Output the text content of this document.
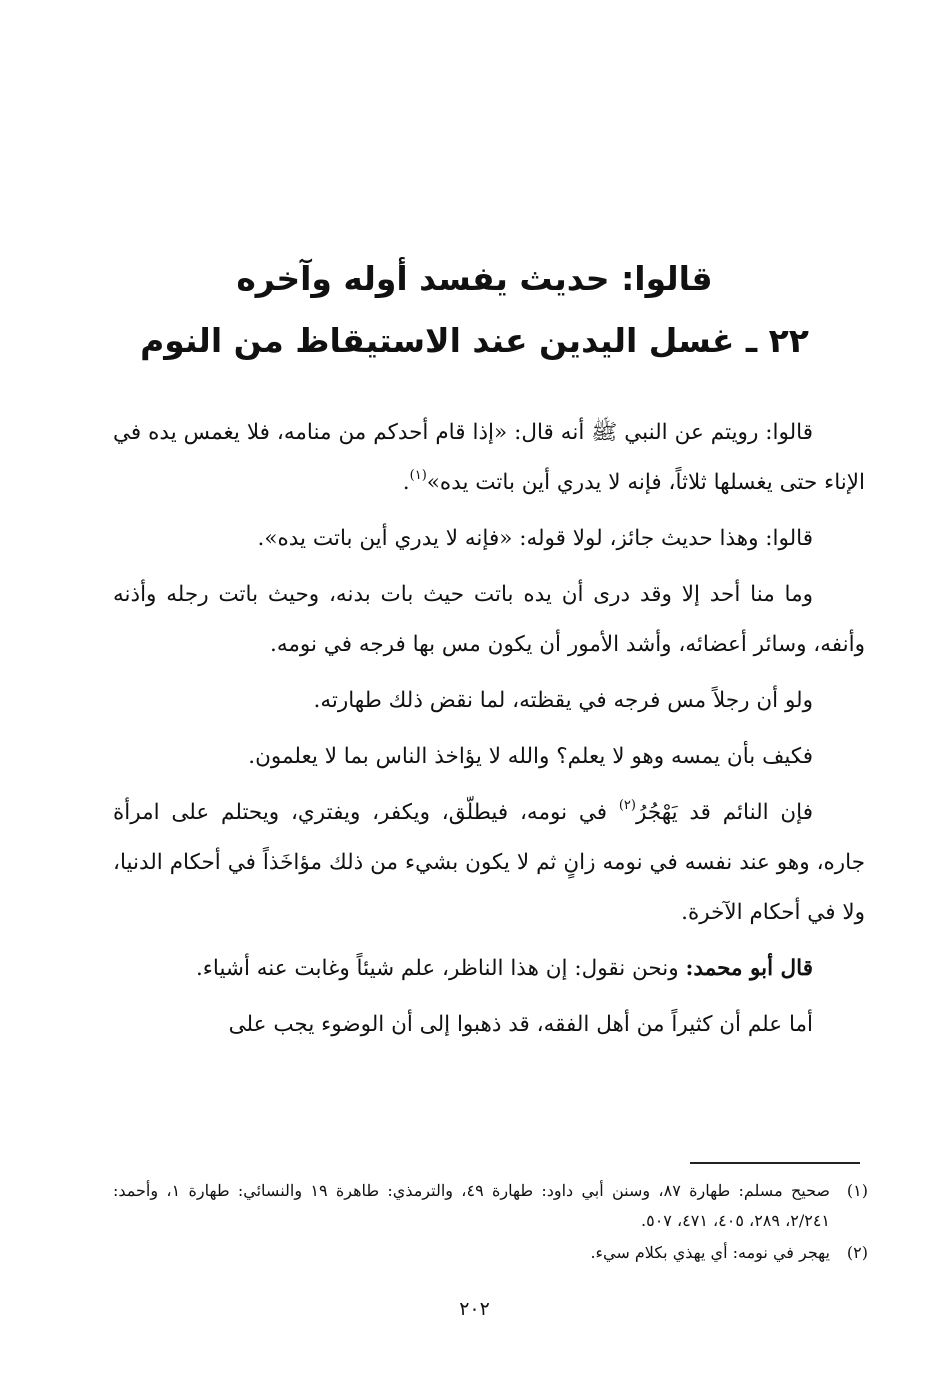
قالوا: حديث يفسد أوله وآخره
٢٢ ـ غسل اليدين عند الاستيقاظ من النوم

قالوا: رويتم عن النبي ﷺ أنه قال: «إذا قام أحدكم من منامه، فلا يغمس يده في الإناء حتى يغسلها ثلاثاً، فإنه لا يدري أين باتت يده»$^{(١)}$.

قالوا: وهذا حديث جائز، لولا قوله: «فإنه لا يدري أين باتت يده».

وما منا أحد إلا وقد درى أن يده باتت حيث بات بدنه، وحيث باتت رجله وأذنه وأنفه، وسائر أعضائه، وأشد الأمور أن يكون مس بها فرجه في نومه.

ولو أن رجلاً مس فرجه في يقظته، لما نقض ذلك طهارته.

فكيف بأن يمسه وهو لا يعلم؟ والله لا يؤاخذ الناس بما لا يعلمون.

فإن النائم قد يَهْجُرُ$^{(٢)}$ في نومه، فيطلّق، ويكفر، ويفتري، ويحتلم على امرأة جاره، وهو عند نفسه في نومه زانٍ ثم لا يكون بشيء من ذلك مؤاخَذاً في أحكام الدنيا، ولا في أحكام الآخرة.

قال أبو محمد: ونحن نقول: إن هذا الناظر، علم شيئاً وغابت عنه أشياء.

أما علم أن كثيراً من أهل الفقه، قد ذهبوا إلى أن الوضوء يجب على

(١)
صحيح مسلم: طهارة ٨٧، وسنن أبي داود: طهارة ٤٩، والترمذي: طاهرة ١٩ والنسائي: طهارة ١، وأحمد: ٢/٢٤١، ٢٨٩، ٤٠٥، ٤٧١، ٥٠٧.
(٢)
يهجر في نومه: أي يهذي بكلام سيء.
٢٠٢
